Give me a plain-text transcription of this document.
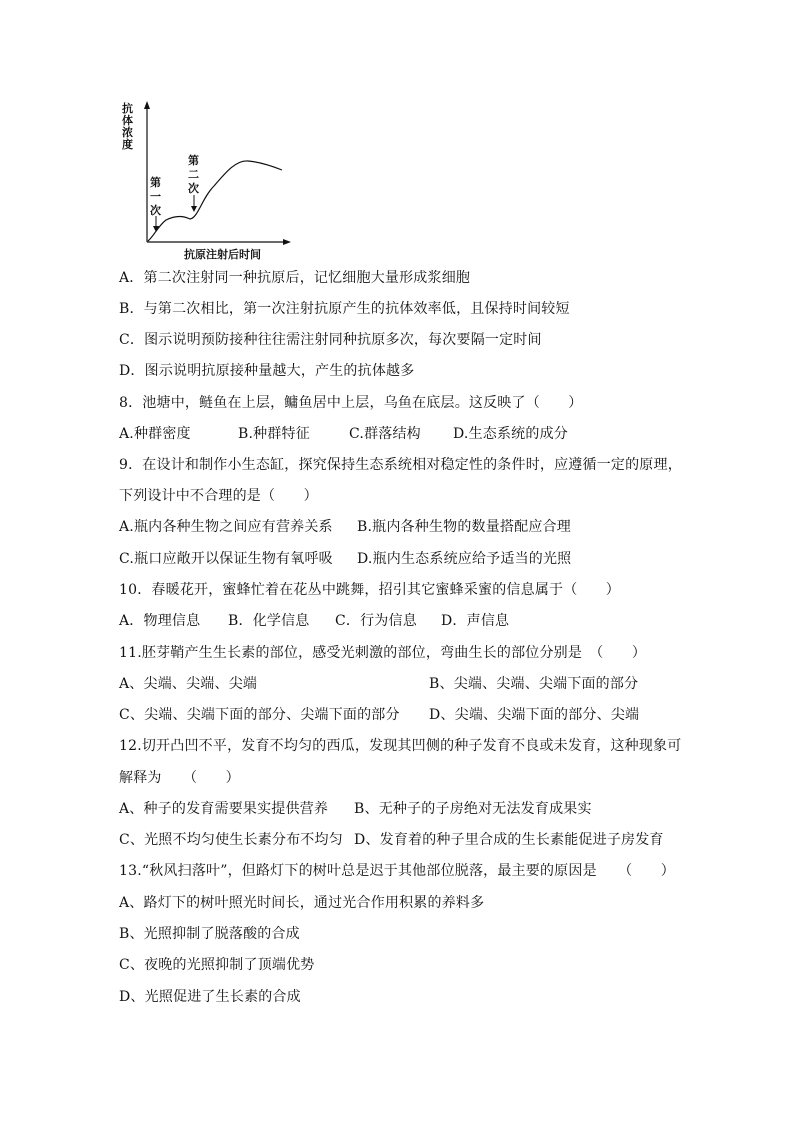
抗
体
浓
度
抗原注射后时间
第
一
次
第
二
次
A．第二次注射同一种抗原后，记忆细胞大量形成浆细胞
B．与第二次相比，第一次注射抗原产生的抗体效率低，且保持时间较短
C．图示说明预防接种往往需注射同种抗原多次，每次要隔一定时间
D．图示说明抗原接种量越大，产生的抗体越多
8．池塘中，鲢鱼在上层，鳙鱼居中上层，乌鱼在底层。这反映了（　　）

A.种群密度

	B.种群特征

	C.群落结构

D.生态系统的成分

9．在设计和制作小生态缸，探究保持生态系统相对稳定性的条件时，应遵循一定的原理，
下列设计中不合理的是（　　）

A.瓶内各种生物之间应有营养关系

B.瓶内各种生物的数量搭配应合理

C.瓶口应敞开以保证生物有氧呼吸

D.瓶内生态系统应给予适当的光照

10．春暖花开，蜜蜂忙着在花丛中跳舞，招引其它蜜蜂采蜜的信息属于（　　）

A．物理信息

B．化学信息

C．行为信息

D．声信息

11.胚芽鞘产生生长素的部位，感受光刺激的部位，弯曲生长的部位分别是　（　　）

A、尖端、尖端、尖端

	B、尖端、尖端、尖端下面的部分

C、尖端、尖端下面的部分、尖端下面的部分

D、尖端、尖端下面的部分、尖端

12.切开凸凹不平，发育不均匀的西瓜，发现其凹侧的种子发育不良或未发育，这种现象可
解释为　　（　　）

A、种子的发育需要果实提供营养

B、无种子的子房绝对无法发育成果实

C、光照不均匀使生长素分布不均匀

D、发育着的种子里合成的生长素能促进子房发育

13.“秋风扫落叶”，但路灯下的树叶总是迟于其他部位脱落，最主要的原因是　　（　　）
A、路灯下的树叶照光时间长，通过光合作用积累的养料多
B、光照抑制了脱落酸的合成
C、夜晚的光照抑制了顶端优势
D、光照促进了生长素的合成
